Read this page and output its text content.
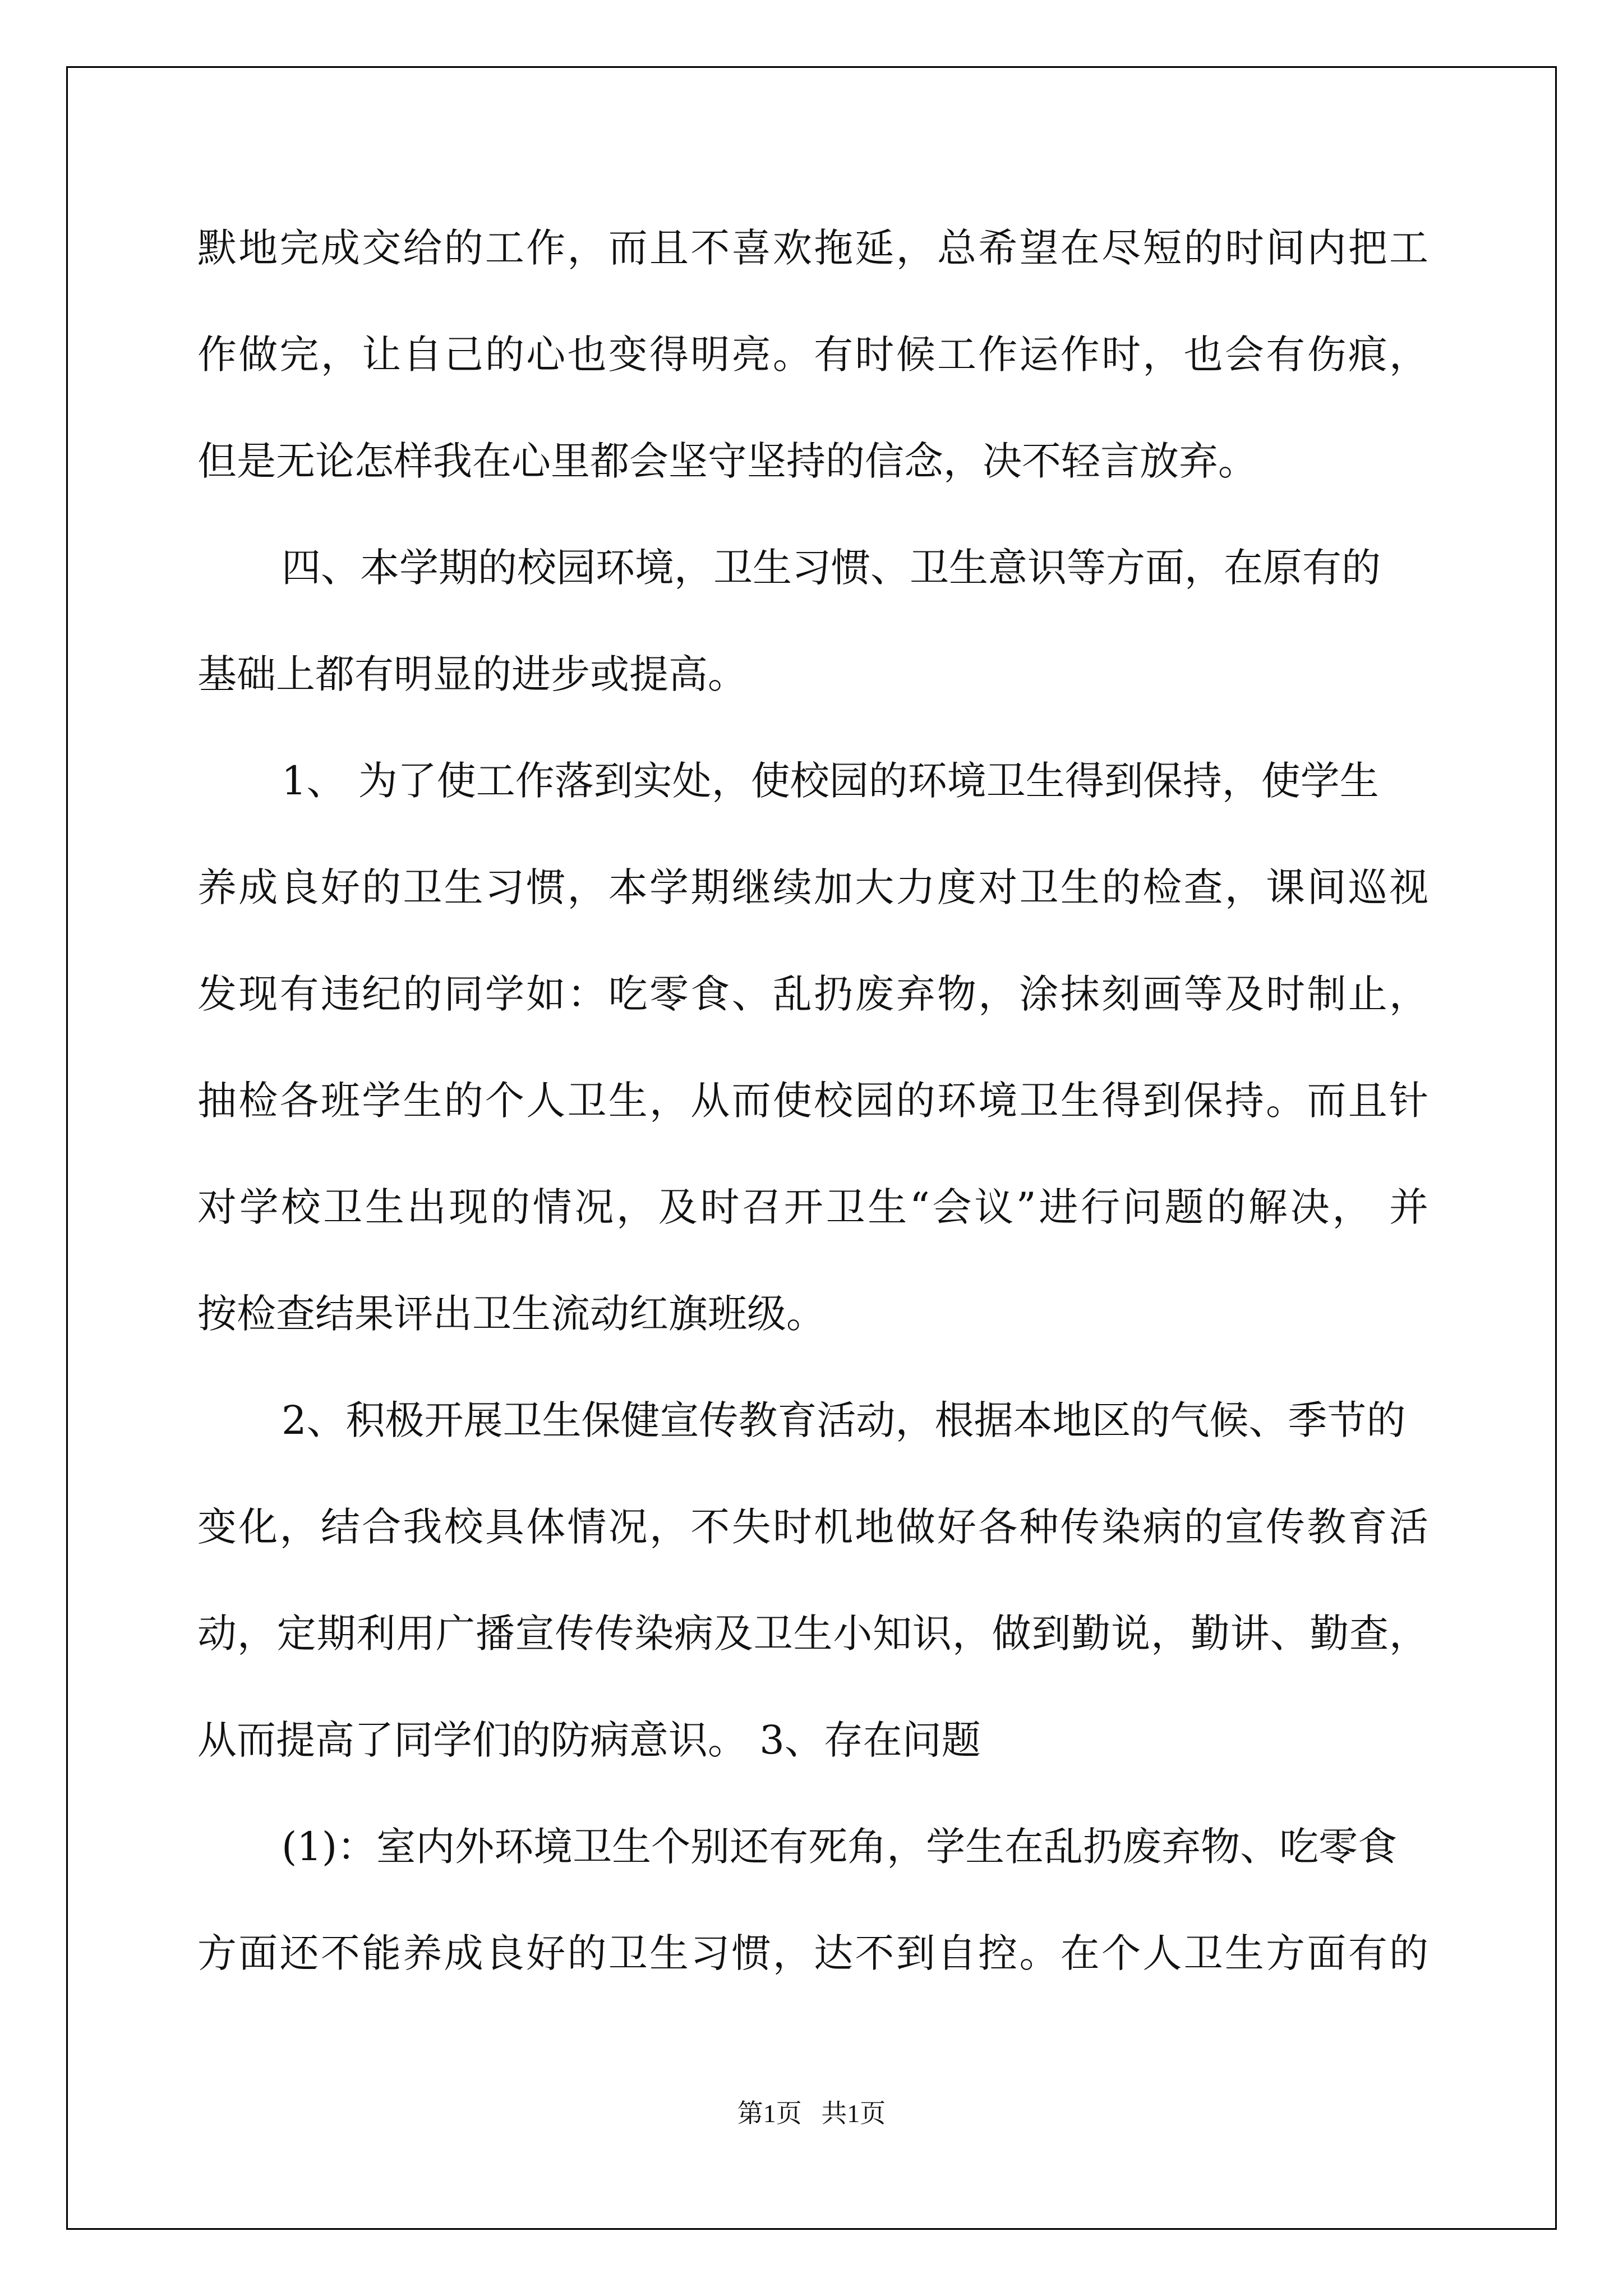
默地完成交给的工作，而且不喜欢拖延，总希望在尽短的时间内把工

作做完，让自己的心也变得明亮。有时候工作运作时，也会有伤痕，

但是无论怎样我在心里都会坚守坚持的信念，决不轻言放弃。

四、本学期的校园环境，卫生习惯、卫生意识等方面，在原有的

基础上都有明显的进步或提高。

1、 为了使工作落到实处，使校园的环境卫生得到保持，使学生

养成良好的卫生习惯，本学期继续加大力度对卫生的检查，课间巡视

发现有违纪的同学如：吃零食、乱扔废弃物，涂抹刻画等及时制止，

抽检各班学生的个人卫生，从而使校园的环境卫生得到保持。而且针

对学校卫生出现的情况，及时召开卫生“会议”进行问题的解决， 并

按检查结果评出卫生流动红旗班级。

2、积极开展卫生保健宣传教育活动，根据本地区的气候、季节的

变化，结合我校具体情况，不失时机地做好各种传染病的宣传教育活

动，定期利用广播宣传传染病及卫生小知识，做到勤说，勤讲、勤查，

从而提高了同学们的防病意识。 3、存在问题

(1)：室内外环境卫生个别还有死角，学生在乱扔废弃物、吃零食

方面还不能养成良好的卫生习惯，达不到自控。在个人卫生方面有的

第1页   共1页
